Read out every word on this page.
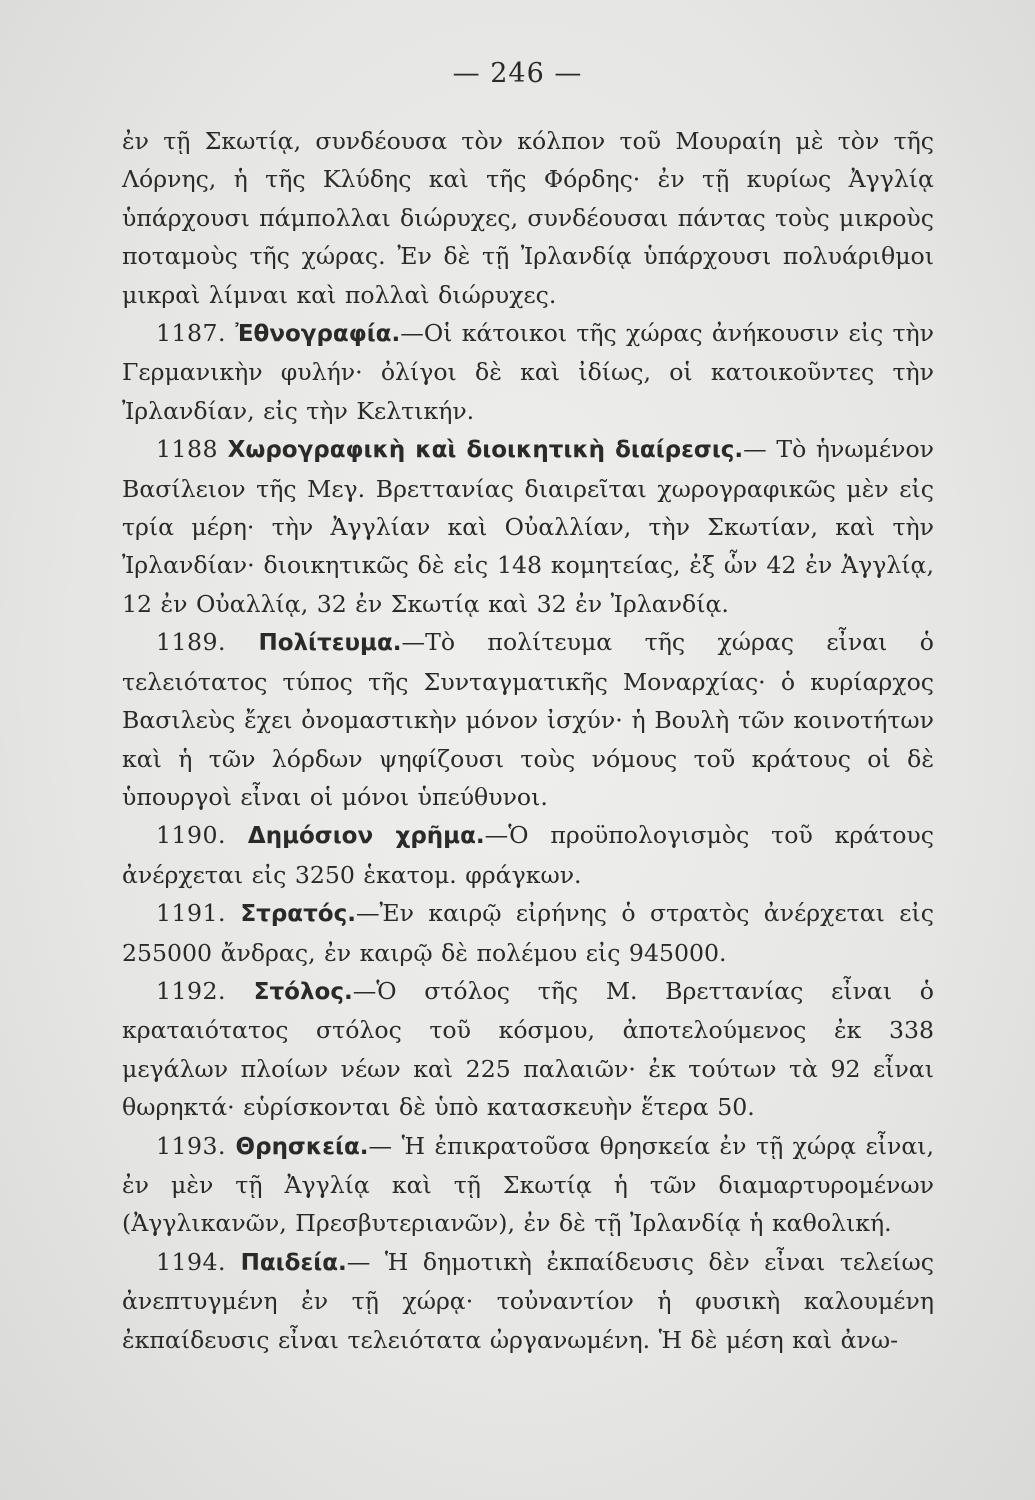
— 246 —

ἐν τῇ Σκωτίᾳ, συνδέουσα τὸν κόλπον τοῦ Μουραίη μὲ τὸν τῆς Λόρνης, ἡ τῆς Κλύδης καὶ τῆς Φόρδης· ἐν τῇ κυρίως Ἀγγλίᾳ ὑπάρχουσι πάμπολλαι διώρυχες, συνδέουσαι πάντας τοὺς μικροὺς ποταμοὺς τῆς χώρας. Ἐν δὲ τῇ Ἰρλανδίᾳ ὑπάρχουσι πολυάριθμοι μικραὶ λίμναι καὶ πολλαὶ διώρυχες.

1187. Ἐθνογραφία.—Οἱ κάτοικοι τῆς χώρας ἀνήκουσιν εἰς τὴν Γερμανικὴν φυλήν· ὀλίγοι δὲ καὶ ἰδίως, οἱ κατοικοῦντες τὴν Ἰρλανδίαν, εἰς τὴν Κελτικήν.

1188 Χωρογραφικὴ καὶ διοικητικὴ διαίρεσις.— Τὸ ἡνωμένον Βασίλειον τῆς Μεγ. Βρεττανίας διαιρεῖται χωρογραφικῶς μὲν εἰς τρία μέρη· τὴν Ἀγγλίαν καὶ Οὐαλλίαν, τὴν Σκωτίαν, καὶ τὴν Ἰρλανδίαν· διοικητικῶς δὲ εἰς 148 κομητείας, ἐξ ὧν 42 ἐν Ἀγγλίᾳ, 12 ἐν Οὐαλλίᾳ, 32 ἐν Σκωτίᾳ καὶ 32 ἐν Ἰρλανδίᾳ.

1189. Πολίτευμα.—Τὸ πολίτευμα τῆς χώρας εἶναι ὁ τελειότατος τύπος τῆς Συνταγματικῆς Μοναρχίας· ὁ κυρίαρχος Βασιλεὺς ἔχει ὀνομαστικὴν μόνον ἰσχύν· ἡ Βουλὴ τῶν κοινοτήτων καὶ ἡ τῶν λόρδων ψηφίζουσι τοὺς νόμους τοῦ κράτους οἱ δὲ ὑπουργοὶ εἶναι οἱ μόνοι ὑπεύθυνοι.

1190. Δημόσιον χρῆμα.—Ὁ προϋπολογισμὸς τοῦ κράτους ἀνέρχεται εἰς 3250 ἑκατομ. φράγκων.

1191. Στρατός.—Ἐν καιρῷ εἰρήνης ὁ στρατὸς ἀνέρχεται εἰς 255000 ἄνδρας, ἐν καιρῷ δὲ πολέμου εἰς 945000.

1192. Στόλος.—Ὁ στόλος τῆς Μ. Βρεττανίας εἶναι ὁ κραταιότατος στόλος τοῦ κόσμου, ἀποτελούμενος ἐκ 338 μεγάλων πλοίων νέων καὶ 225 παλαιῶν· ἐκ τούτων τὰ 92 εἶναι θωρηκτά· εὑρίσκονται δὲ ὑπὸ κατασκευὴν ἕτερα 50.

1193. Θρησκεία.— Ἡ ἐπικρατοῦσα θρησκεία ἐν τῇ χώρᾳ εἶναι, ἐν μὲν τῇ Ἀγγλίᾳ καὶ τῇ Σκωτίᾳ ἡ τῶν διαμαρτυρομένων (Ἀγγλικανῶν, Πρεσβυτεριανῶν), ἐν δὲ τῇ Ἰρλανδίᾳ ἡ καθολική.

1194. Παιδεία.— Ἡ δημοτικὴ ἐκπαίδευσις δὲν εἶναι τελείως ἀνεπτυγμένη ἐν τῇ χώρᾳ· τοὐναντίον ἡ φυσικὴ καλουμένη ἐκπαίδευσις εἶναι τελειότατα ὠργανωμένη. Ἡ δὲ μέση καὶ ἀνω-
